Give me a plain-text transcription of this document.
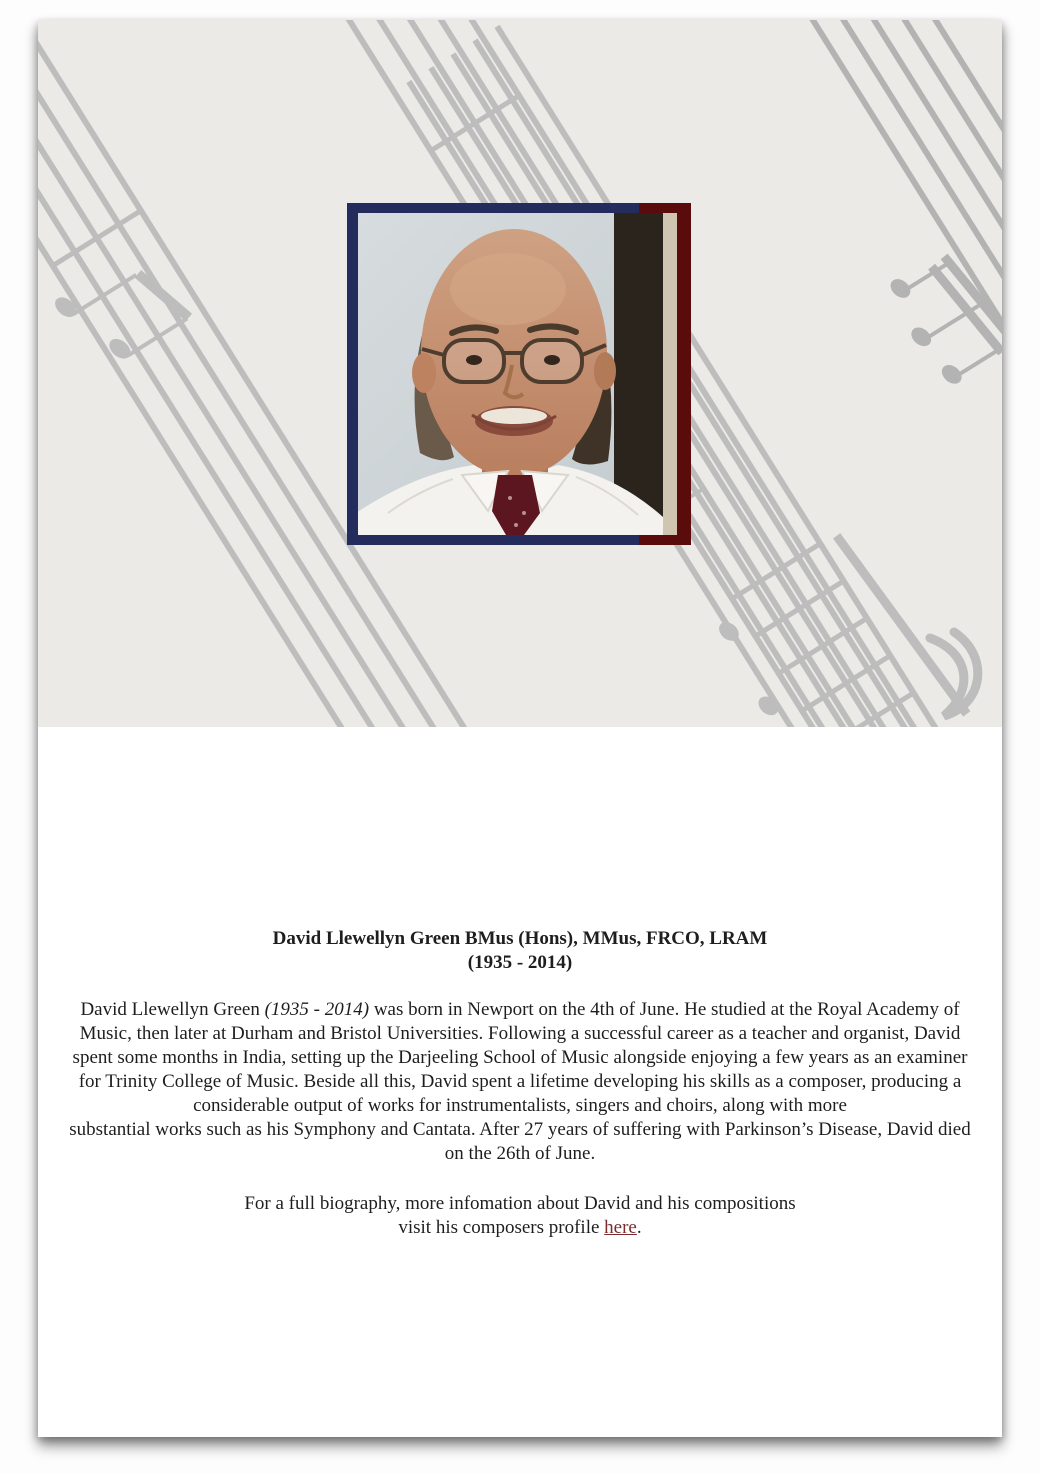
David Llewellyn Green BMus (Hons), MMus, FRCO, LRAM
(1935 - 2014)

David Llewellyn Green (1935 - 2014) was born in Newport on the 4th of June. He studied at the Royal Academy of
Music, then later at Durham and Bristol Universities. Following a successful career as a teacher and organist, David
spent some months in India, setting up the Darjeeling School of Music alongside enjoying a few years as an examiner
for Trinity College of Music. Beside all this, David spent a lifetime developing his skills as a composer, producing a
considerable output of works for instrumentalists, singers and choirs, along with more
substantial works such as his Symphony and Cantata. After 27 years of suffering with Parkinson’s Disease, David died
on the 26th of June.

For a full biography, more infomation about David and his compositions
visit his composers profile here.
